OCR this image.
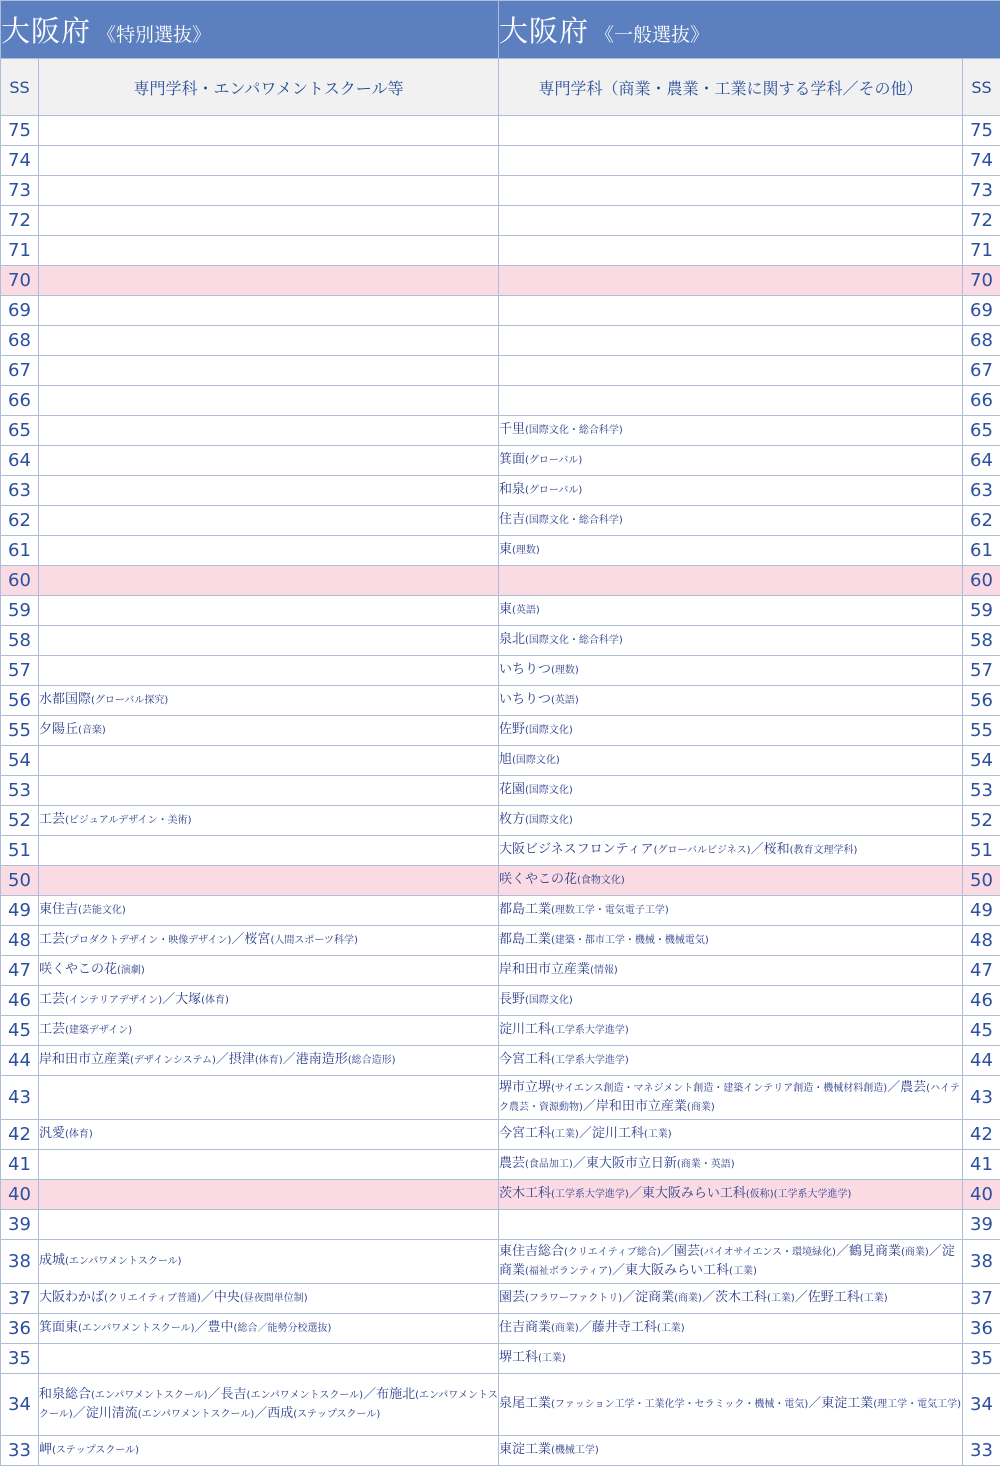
大阪府 《特別選抜》		大阪府 《一般選抜》	
SS	専門学科・エンパワメントスクール等	専門学科（商業・農業・工業に関する学科／その他）	SS
75			75
74			74
73			73
72			72
71			71
70			70
69			69
68			68
67			67
66			66
65		千里(国際文化・総合科学)	65
64		箕面(グローバル)	64
63		和泉(グローバル)	63
62		住吉(国際文化・総合科学)	62
61		東(理数)	61
60			60
59		東(英語)	59
58		泉北(国際文化・総合科学)	58
57		いちりつ(理数)	57
56	水都国際(グローバル探究)	いちりつ(英語)	56
55	夕陽丘(音楽)	佐野(国際文化)	55
54		旭(国際文化)	54
53		花園(国際文化)	53
52	工芸(ビジュアルデザイン・美術)	枚方(国際文化)	52
51		大阪ビジネスフロンティア(グローバルビジネス)／桜和(教育文理学科)	51
50		咲くやこの花(食物文化)	50
49	東住吉(芸能文化)	都島工業(理数工学・電気電子工学)	49
48	工芸(プロダクトデザイン・映像デザイン)／桜宮(人間スポーツ科学)	都島工業(建築・都市工学・機械・機械電気)	48
47	咲くやこの花(演劇)	岸和田市立産業(情報)	47
46	工芸(インテリアデザイン)／大塚(体育)	長野(国際文化)	46
45	工芸(建築デザイン)	淀川工科(工学系大学進学)	45
44	岸和田市立産業(デザインシステム)／摂津(体育)／港南造形(総合造形)	今宮工科(工学系大学進学)	44
43		堺市立堺(サイエンス創造・マネジメント創造・建築インテリア創造・機械材料創造)／農芸(ハイテク農芸・資源動物)／岸和田市立産業(商業)	43
42	汎愛(体育)	今宮工科(工業)／淀川工科(工業)	42
41		農芸(食品加工)／東大阪市立日新(商業・英語)	41
40		茨木工科(工学系大学進学)／東大阪みらい工科(仮称)(工学系大学進学)	40
39			39
38	成城(エンパワメントスクール)	東住吉総合(クリエイティブ総合)／園芸(バイオサイエンス・環境緑化)／鶴見商業(商業)／淀商業(福祉ボランティア)／東大阪みらい工科(工業)	38
37	大阪わかば(クリエイティブ普通)／中央(昼夜間単位制)	園芸(フラワーファクトリ)／淀商業(商業)／茨木工科(工業)／佐野工科(工業)	37
36	箕面東(エンパワメントスクール)／豊中(総合／能勢分校選抜)	住吉商業(商業)／藤井寺工科(工業)	36
35		堺工科(工業)	35
34	和泉総合(エンパワメントスクール)／長吉(エンパワメントスクール)／布施北(エンパワメントスクール)／淀川清流(エンパワメントスクール)／西成(ステップスクール)	泉尾工業(ファッション工学・工業化学・セラミック・機械・電気)／東淀工業(理工学・電気工学)	34
33	岬(ステップスクール)	東淀工業(機械工学)	33
